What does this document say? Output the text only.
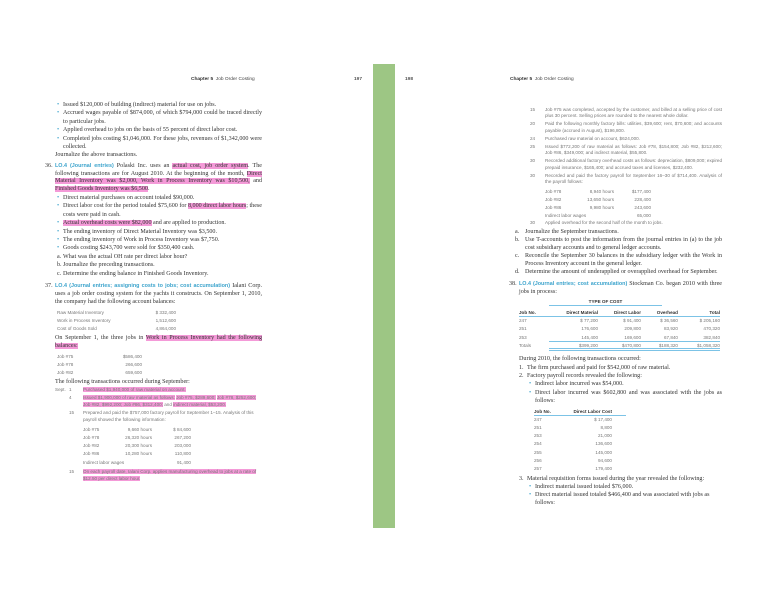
Chapter 5 Job Order Costing	197
• Issued $120,000 of building (indirect) material for use on jobs.
• Accrued wages payable of $874,000, of which $794,000 could be traced directly to particular jobs.
• Applied overhead to jobs on the basis of 55 percent of direct labor cost.
• Completed jobs costing $1,046,000. For these jobs, revenues of $1,342,000 were collected.
Journalize the above transactions.
36. LO.4 (Journal entries) Polaski Inc. uses an actual cost, job order system. The following transactions are for August 2010. At the beginning of the month, Direct Material Inventory was $2,000, Work in Process Inventory was $10,500, and Finished Goods Inventory was $6,500.
• Direct material purchases on account totaled $90,000.
• Direct labor cost for the period totaled $75,600 for 8,000 direct labor hours; these costs were paid in cash.
• Actual overhead costs were $82,000 and are applied to production.
• The ending inventory of Direct Material Inventory was $3,500.
• The ending inventory of Work in Process Inventory was $7,750.
• Goods costing $243,700 were sold for $350,400 cash.
a. What was the actual OH rate per direct labor hour?
b. Journalize the preceding transactions.
c. Determine the ending balance in Finished Goods Inventory.
37. LO.4 (Journal entries; assigning costs to jobs; cost accumulation) Ialani Corp. uses a job order costing system for the yachts it constructs. On September 1, 2010, the company had the following account balances:
Raw Material Inventory	$ 332,400
Work in Process Inventory	1,512,600
Cost of Goods Sold	4,864,000
On September 1, the three jobs in Work in Process Inventory had the following balances:
Job #75	$586,400
Job #78	266,600
Job #82	659,600
The following transactions occurred during September:
Sept. 1	Purchased $1,940,000 of raw material on account.
4	Issued $1,900,000 of raw material as follows: Job #75, $289,600; Job #78, $252,600; Job #82, $992,200; Job #86, $312,400; and indirect material, $53,200.
15	Prepared and paid the $757,000 factory payroll for September 1–15. Analysis of this payroll showed the following information:
Job #75	9,660 hours	$ 84,600
Job #78	26,320 hours	267,200
Job #82	20,300 hours	203,000
Job #86	10,280 hours	110,800
Indirect labor wages		91,400
15	On each payroll date, Ialani Corp. applies manufacturing overhead to jobs at a rate of $12.50 per direct labor hour.
198	Chapter 5 Job Order Costing
15	Job #75 was completed, accepted by the customer, and billed at a selling price of cost plus 30 percent. Selling prices are rounded to the nearest whole dollar.
20	Paid the following monthly factory bills: utilities, $39,600; rent, $70,600; and accounts payable (accrued in August), $196,800.
24	Purchased raw material on account, $624,000.
25	Issued $772,200 of raw material as follows: Job #78, $154,800; Job #82, $212,600; Job #86, $349,000; and indirect material, $55,800.
30	Recorded additional factory overhead costs as follows: depreciation, $809,000; expired prepaid insurance, $165,400; and accrued taxes and licenses, $232,400.
30	Recorded and paid the factory payroll for September 16–30 of $714,400. Analysis of the payroll follows:
Job #78	8,940 hours	$177,400
Job #82	13,650 hours	228,400
Job #86	9,980 hours	243,600
Indirect labor wages		65,000
30	Applied overhead for the second half of the month to jobs.
a. Journalize the September transactions.
b. Use T-accounts to post the information from the journal entries in (a) to the job cost subsidiary accounts and to general ledger accounts.
c. Reconcile the September 30 balances in the subsidiary ledger with the Work in Process Inventory account in the general ledger.
d. Determine the amount of underapplied or overapplied overhead for September.
38. LO.4 (Journal entries; cost accumulation) Stockman Co. began 2010 with three jobs in process:
TYPE OF COST
Job No.	Direct Material	Direct Labor	Overhead	Total
247	$ 77,200	$ 91,400	$ 36,560	$ 205,160
251	176,600	209,800	83,920	470,320
253	145,400	169,600	67,840	382,840
Totals	$399,200	$470,800	$188,320	$1,058,320
During 2010, the following transactions occurred:
1. The firm purchased and paid for $542,000 of raw material.
2. Factory payroll records revealed the following:
• Indirect labor incurred was $54,000.
• Direct labor incurred was $602,800 and was associated with the jobs as follows:
Job No.	Direct Labor Cost
247	$ 17,400
251	8,800
253	21,000
254	136,600
255	145,000
256	94,600
257	179,400
3. Material requisition forms issued during the year revealed the following:
• Indirect material issued totaled $76,000.
• Direct material issued totaled $466,400 and was associated with jobs as follows:
